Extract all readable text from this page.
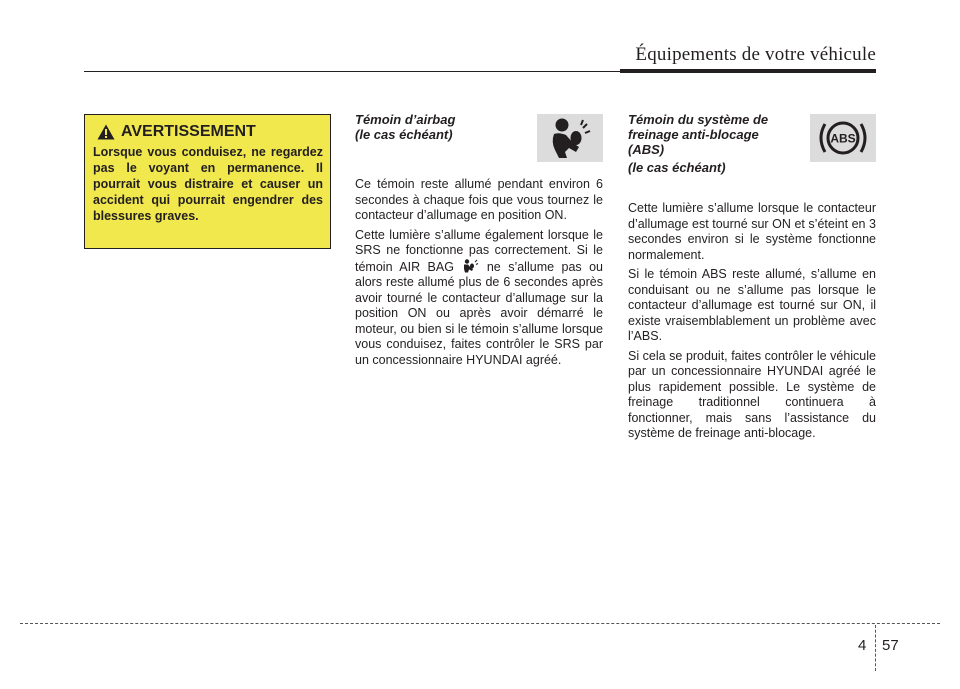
Équipements de votre véhicule
AVERTISSEMENT
Lorsque vous conduisez, ne regardez pas le voyant en permanence. Il pourrait vous distraire et causer un accident qui pourrait engendrer des blessures graves.
Témoin d’airbag
(le cas échéant)

Ce témoin reste allumé pendant environ 6 secondes à chaque fois que vous tournez le contacteur d’allumage en position ON.

Cette lumière s’allume également lorsque le SRS ne fonctionne pas correctement. Si le témoin AIR BAG	ne s’allume pas ou alors reste allumé plus de 6 secondes après avoir tourné le contacteur d’allumage sur la position ON ou après avoir démarré le moteur, ou bien si le témoin s’allume lorsque vous conduisez, faites contrôler le SRS par un concessionnaire HYUNDAI agréé.

Témoin du système de
freinage anti-blocage (ABS)
(le cas échéant)
ABS

Cette lumière s’allume lorsque le contacteur d’allumage est tourné sur ON et s’éteint en 3 secondes environ si le système fonctionne normalement.

Si le témoin ABS reste allumé, s’allume en conduisant ou ne s’allume pas lorsque le contacteur d’allumage est tourné sur ON, il existe vraisemblablement un problème avec l’ABS.

Si cela se produit, faites contrôler le véhicule par un concessionnaire HYUNDAI agréé le plus rapidement possible. Le système de freinage traditionnel continuera à fonctionner, mais sans l’assistance du système de freinage anti-blocage.

4 57
